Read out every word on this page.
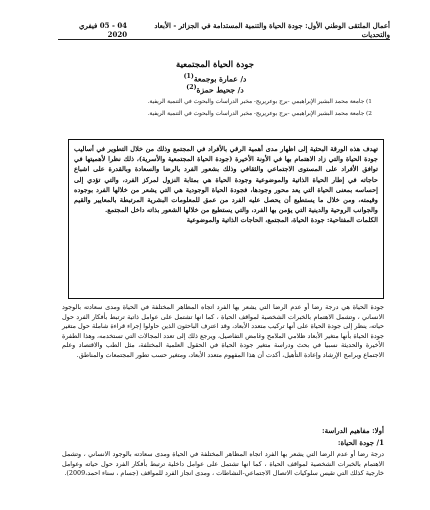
أعمال الملتقى الوطني الأول: جودة الحياة والتنمية المستدامة في الجزائر - الأبعاد والتحديات
04 - 05 فيفري 2020
جودة الحياة المجتمعية
د/ عمارة بوجمعة$^{(1)}$
د/ جحيط حمزة$^{(2)}$
1) جامعة محمد البشير الإبراهيمي -برج بوعريريج- مخبر الدراسات والبحوث في التنمية الريفية.
2) جامعة محمد البشير الإبراهيمي -برج بوعريريج- مخبر الدراسات والبحوث في التنمية الريفية.

تهدف هذه الورقة البحثية إلى اظهار مدى أهمية الرقي بالأفراد في المجتمع وذلك من خلال التطوير في أساليب جودة الحياة والتي زاد الاهتمام بها في الأونة الأخيرة (جودة الحياة المجتمعية والأسرية)، ذلك نظرا لأهميتها في توافق الأفراد على المستوى الاجتماعي والثقافي وذلك بشعور الفرد بالرضا والسعادة وبالقدرة على اشباع حاجاته في إطار الحياة الذاتية والموضوعية وجودة الحياة هي بمثابة النزول لمركز الفرد، والتي تؤدي إلى إحساسه بمعنى الحياة التي يعد محور وجودها، فجودة الحياة الوجودية هي التي يشعر من خلالها الفرد بوجوده وقيمته، ومن خلال ما يستطيع أن يحصل عليه الفرد من عمق للمعلومات البشرية المرتبطة بالمعايير والقيم والجوانب الروحية والدينية التي يؤمن بها الفرد، والتي يستطيع من خلالها الشعور بذاته داخل المجتمع.

الكلمات المفتاحية: جودة الحياة، المجتمع، الحاجات الذاتية والموضوعية

جودة الحياة هي درجة رضا أو عدم الرضا التي يشعر بها الفرد اتجاه المظاهر المختلفة في الحياة ومدى سعادته بالوجود الانساني ، وتشمل الاهتمام بالخبرات الشخصية لمواقف الحياة ، كما انها تشتمل على عوامل ذاتية ترتبط بأفكار الفرد حول حياته، ينظر إلى جودة الحياة على أنها تركيب متعدد الأبعاد، وقد اعترف الباحثون الذين حاولوا إجراء قراءة شاملة حول متغير جودة الحياة بأنها متغير الأبعاد ظلامي الملامح وغامض التفاصيل، ويرجع ذلك إلى تعدد المجالات التي تستخدمه، وهذا الطفرة الأخيرة والحديثة نسبيا في بحث ودراسة متغير جودة الحياة في الحقول العلمية المختلفة، مثل الطب والاقتصاد وعلم الاجتماع وبرامج الإرشاد وإعادة التأهيل، أكدت أن هذا المفهوم متعدد الأبعاد، ومتغير حسب تطور المجتمعات والمناطق.

أولا: مفاهيم الدراسة:
1/ جودة الحياة:

درجة رضا أو عدم الرضا التي يشعر بها الفرد اتجاه المظاهر المختلفة في الحياة ومدى سعادته بالوجود الانساني ، وتشمل الاهتمام بالخبرات الشخصية لمواقف الحياة ، كما انها تشتمل على عوامل داخلية ترتبط بأفكار الفرد حول حياته وعوامل خارجية كذلك التي تقيس سلوكيات الاتصال الاجتماعي-النشاطات ، ومدى انجاز الفرد للمواقف (جسام ، سناء احمد،2009).
